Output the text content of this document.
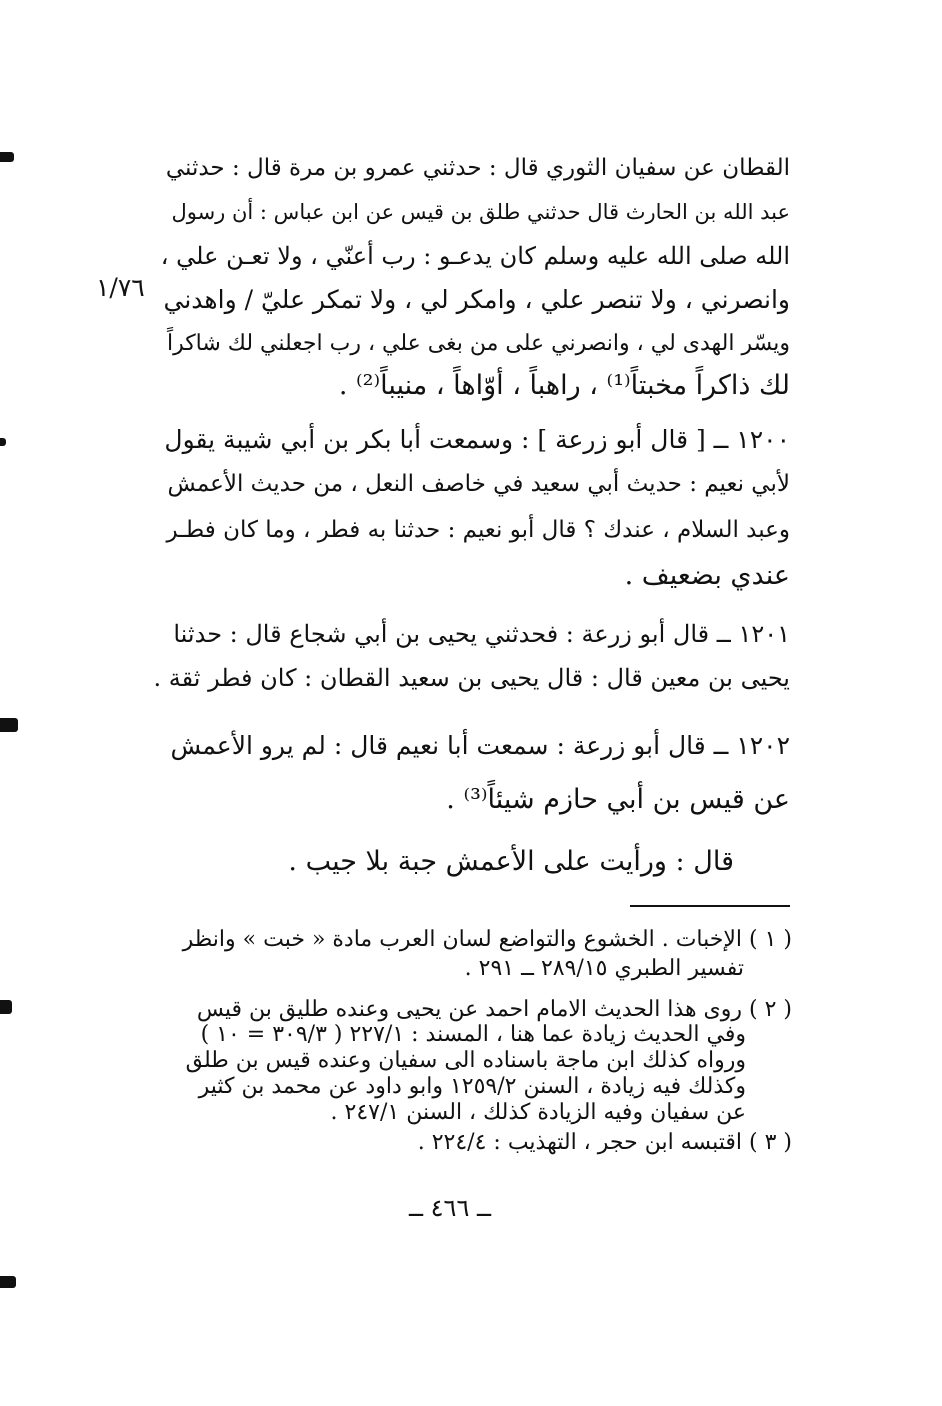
١/٧٦
القطان عن سفيان الثوري قال : حدثني عمرو بن مرة قال : حدثني
عبد الله بن الحارث قال حدثني طلق بن قيس عن ابن عباس : أن رسول
الله صلى الله عليه وسلم كان يدعـو : رب أعنّي ، ولا تعـن علي ،
وانصرني ، ولا تنصر علي ، وامكر لي ، ولا تمكر عليّ / واهدني
ويسّر الهدى لي ، وانصرني على من بغى علي ، رب اجعلني لك شاكراً
لك ذاكراً مخبتاً⁽¹⁾ ، راهباً ، أوّاهاً ، منيباً⁽²⁾ .
١٢٠٠ ــ [ قال أبو زرعة ] : وسمعت أبا بكر بن أبي شيبة يقول
لأبي نعيم : حديث أبي سعيد في خاصف النعل ، من حديث الأعمش
وعبد السلام ، عندك ؟ قال أبو نعيم : حدثنا به فطر ، وما كان فطـر
عندي بضعيف .
١٢٠١ ــ قال أبو زرعة : فحدثني يحيى بن أبي شجاع قال : حدثنا
يحيى بن معين قال : قال يحيى بن سعيد القطان : كان فطر ثقة .
١٢٠٢ ــ قال أبو زرعة : سمعت أبا نعيم قال : لم يرو الأعمش
عن قيس بن أبي حازم شيئاً⁽³⁾ .
قال : ورأيت على الأعمش جبة بلا جيب .
( ١ ) الإخبات . الخشوع والتواضع لسان العرب مادة « خبت » وانظر
تفسير الطبري ٢٨٩/١٥ ــ ٢٩١ .
( ٢ ) روى هذا الحديث الامام احمد عن يحيى وعنده طليق بن قيس
وفي الحديث زيادة عما هنا ، المسند : ٢٢٧/١ ( ٣٠٩/٣ = ١٠ )
ورواه كذلك ابن ماجة باسناده الى سفيان وعنده قيس بن طلق
وكذلك فيه زيادة ، السنن ١٢٥٩/٢ وابو داود عن محمد بن كثير
عن سفيان وفيه الزيادة كذلك ، السنن ٢٤٧/١ .
( ٣ ) اقتبسه ابن حجر ، التهذيب : ٢٢٤/٤ .
ــ ٤٦٦ ــ
